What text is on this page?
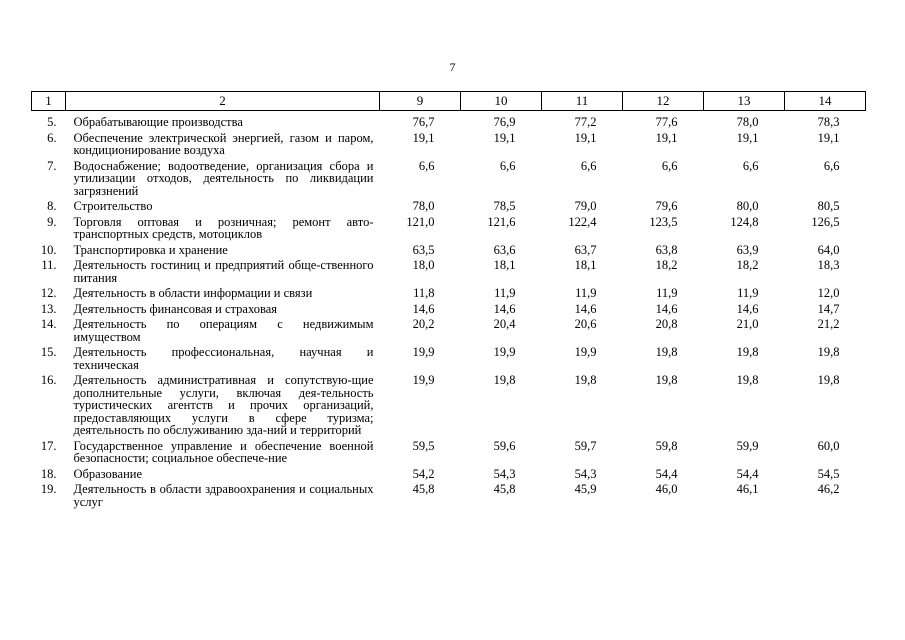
7
1	2	9	10	11	12	13	14
5.	Обрабатывающие производства	76,7	76,9	77,2	77,6	78,0	78,3
6.	Обеспечение электрической энергией, газом и паром, кондиционирование воздуха	19,1	19,1	19,1	19,1	19,1	19,1
7.	Водоснабжение; водоотведение, организация сбора и утилизации отходов, деятельность по ликвидации загрязнений	6,6	6,6	6,6	6,6	6,6	6,6
8.	Строительство	78,0	78,5	79,0	79,6	80,0	80,5
9.	Торговля оптовая и розничная; ремонт авто-транспортных средств, мотоциклов	121,0	121,6	122,4	123,5	124,8	126,5
10.	Транспортировка и хранение	63,5	63,6	63,7	63,8	63,9	64,0
11.	Деятельность гостиниц и предприятий обще-ственного питания	18,0	18,1	18,1	18,2	18,2	18,3
12.	Деятельность в области информации и связи	11,8	11,9	11,9	11,9	11,9	12,0
13.	Деятельность финансовая и страховая	14,6	14,6	14,6	14,6	14,6	14,7
14.	Деятельность по операциям с недвижимым имуществом	20,2	20,4	20,6	20,8	21,0	21,2
15.	Деятельность профессиональная, научная и техническая	19,9	19,9	19,9	19,8	19,8	19,8
16.	Деятельность административная и сопутствую-щие дополнительные услуги, включая дея-тельность туристических агентств и прочих организаций, предоставляющих услуги в сфере туризма; деятельность по обслуживанию зда-ний и территорий	19,9	19,8	19,8	19,8	19,8	19,8
17.	Государственное управление и обеспечение военной безопасности; социальное обеспече-ние	59,5	59,6	59,7	59,8	59,9	60,0
18.	Образование	54,2	54,3	54,3	54,4	54,4	54,5
19.	Деятельность в области здравоохранения и социальных услуг	45,8	45,8	45,9	46,0	46,1	46,2
